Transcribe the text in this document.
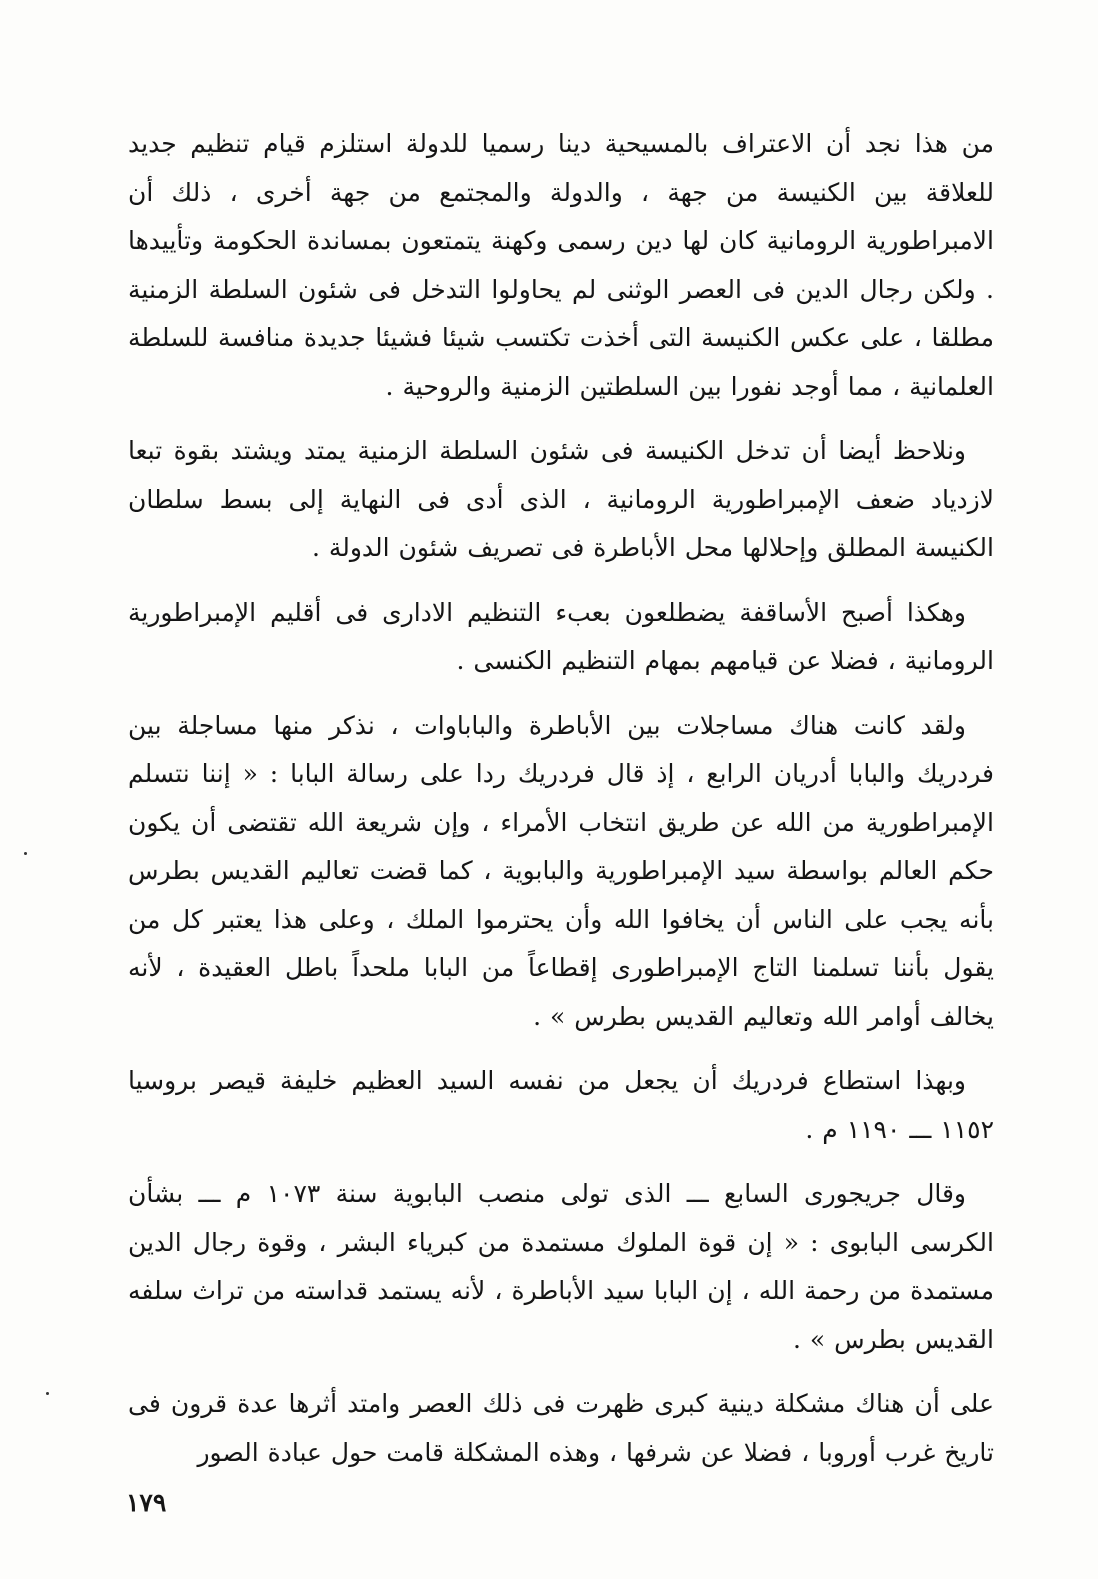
من هذا نجد أن الاعتراف بالمسيحية دينا رسميا للدولة استلزم قيام تنظيم جديد للعلاقة بين الكنيسة من جهة ، والدولة والمجتمع من جهة أخرى ، ذلك أن الامبراطورية الرومانية كان لها دين رسمى وكهنة يتمتعون بمساندة الحكومة وتأييدها . ولكن رجال الدين فى العصر الوثنى لم يحاولوا التدخل فى شئون السلطة الزمنية مطلقا ، على عكس الكنيسة التى أخذت تكتسب شيئا فشيئا جديدة منافسة للسلطة العلمانية ، مما أوجد نفورا بين السلطتين الزمنية والروحية .

ونلاحظ أيضا أن تدخل الكنيسة فى شئون السلطة الزمنية يمتد ويشتد بقوة تبعا لازدياد ضعف الإمبراطورية الرومانية ، الذى أدى فى النهاية إلى بسط سلطان الكنيسة المطلق وإحلالها محل الأباطرة فى تصريف شئون الدولة .

وهكذا أصبح الأساقفة يضطلعون بعبء التنظيم الادارى فى أقليم الإمبراطورية الرومانية ، فضلا عن قيامهم بمهام التنظيم الكنسى .

ولقد كانت هناك مساجلات بين الأباطرة والباباوات ، نذكر منها مساجلة بين فردريك والبابا أدريان الرابع ، إذ قال فردريك ردا على رسالة البابا : « إننا نتسلم الإمبراطورية من الله عن طريق انتخاب الأمراء ، وإن شريعة الله تقتضى أن يكون حكم العالم بواسطة سيد الإمبراطورية والبابوية ، كما قضت تعاليم القديس بطرس بأنه يجب على الناس أن يخافوا الله وأن يحترموا الملك ، وعلى هذا يعتبر كل من يقول بأننا تسلمنا التاج الإمبراطورى إقطاعاً من البابا ملحداً باطل العقيدة ، لأنه يخالف أوامر الله وتعاليم القديس بطرس » .

وبهذا استطاع فردريك أن يجعل من نفسه السيد العظيم خليفة قيصر بروسيا ١١٥٢ ـــ ١١٩٠ م .

وقال جريجورى السابع ـــ الذى تولى منصب البابوية سنة ١٠٧٣ م ـــ بشأن الكرسى البابوى : « إن قوة الملوك مستمدة من كبرياء البشر ، وقوة رجال الدين مستمدة من رحمة الله ، إن البابا سيد الأباطرة ، لأنه يستمد قداسته من تراث سلفه القديس بطرس » .

على أن هناك مشكلة دينية كبرى ظهرت فى ذلك العصر وامتد أثرها عدة قرون فى تاريخ غرب أوروبا ، فضلا عن شرفها ، وهذه المشكلة قامت حول عبادة الصور

١٧٩
